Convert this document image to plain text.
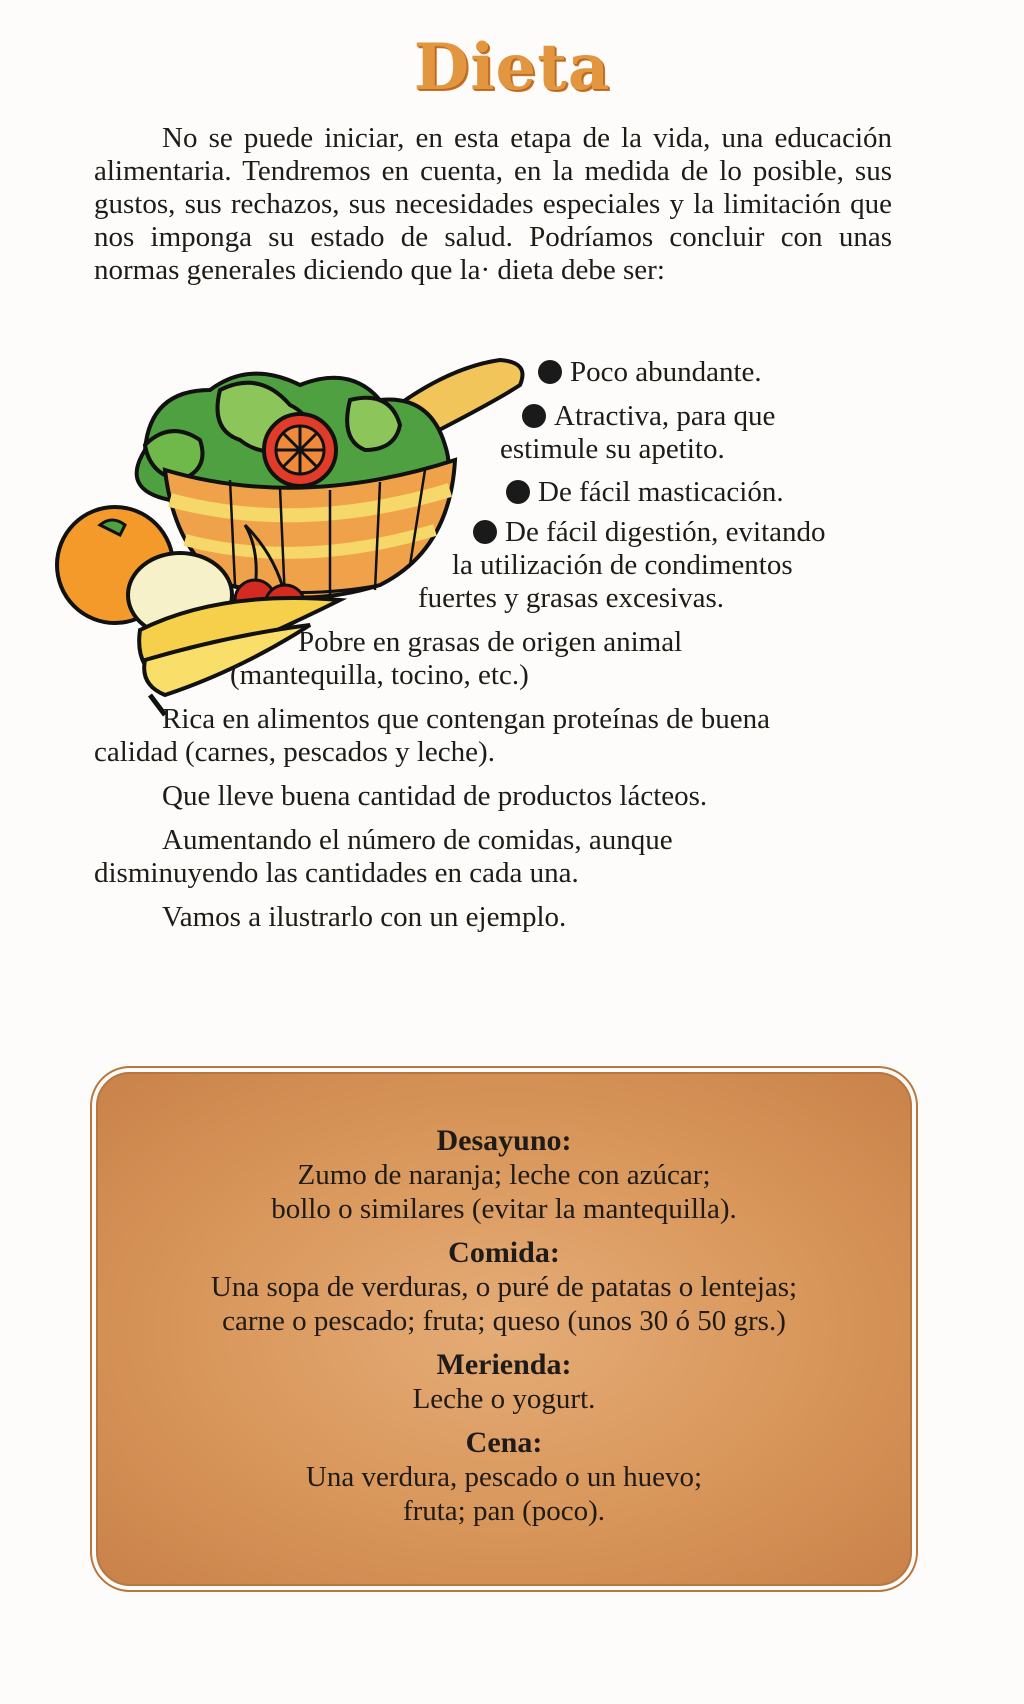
Dieta

No se puede iniciar, en esta etapa de la vida, una educación alimentaria. Tendremos en cuenta, en la medida de lo posible, sus gustos, sus rechazos, sus necesidades especiales y la limitación que nos imponga su estado de salud. Podríamos concluir con unas normas generales diciendo que la· dieta debe ser:

Poco abundante.

Atractiva, para que

estimule su apetito.

De fácil masticación.

De fácil digestión, evitando

la utilización de condimentos

fuertes y grasas excesivas.

Pobre en grasas de origen animal

(mantequilla, tocino, etc.)

Rica en alimentos que contengan proteínas de buena

calidad (carnes, pescados y leche).

Que lleve buena cantidad de productos lácteos.

Aumentando el número de comidas, aunque

disminuyendo las cantidades en cada una.

Vamos a ilustrarlo con un ejemplo.

Desayuno:

Zumo de naranja; leche con azúcar;
bollo o similares (evitar la mantequilla).

Comida:

Una sopa de verduras, o puré de patatas o lentejas;
carne o pescado; fruta; queso (unos 30 ó 50 grs.)

Merienda:

Leche o yogurt.

Cena:

Una verdura, pescado o un huevo;
fruta; pan (poco).
